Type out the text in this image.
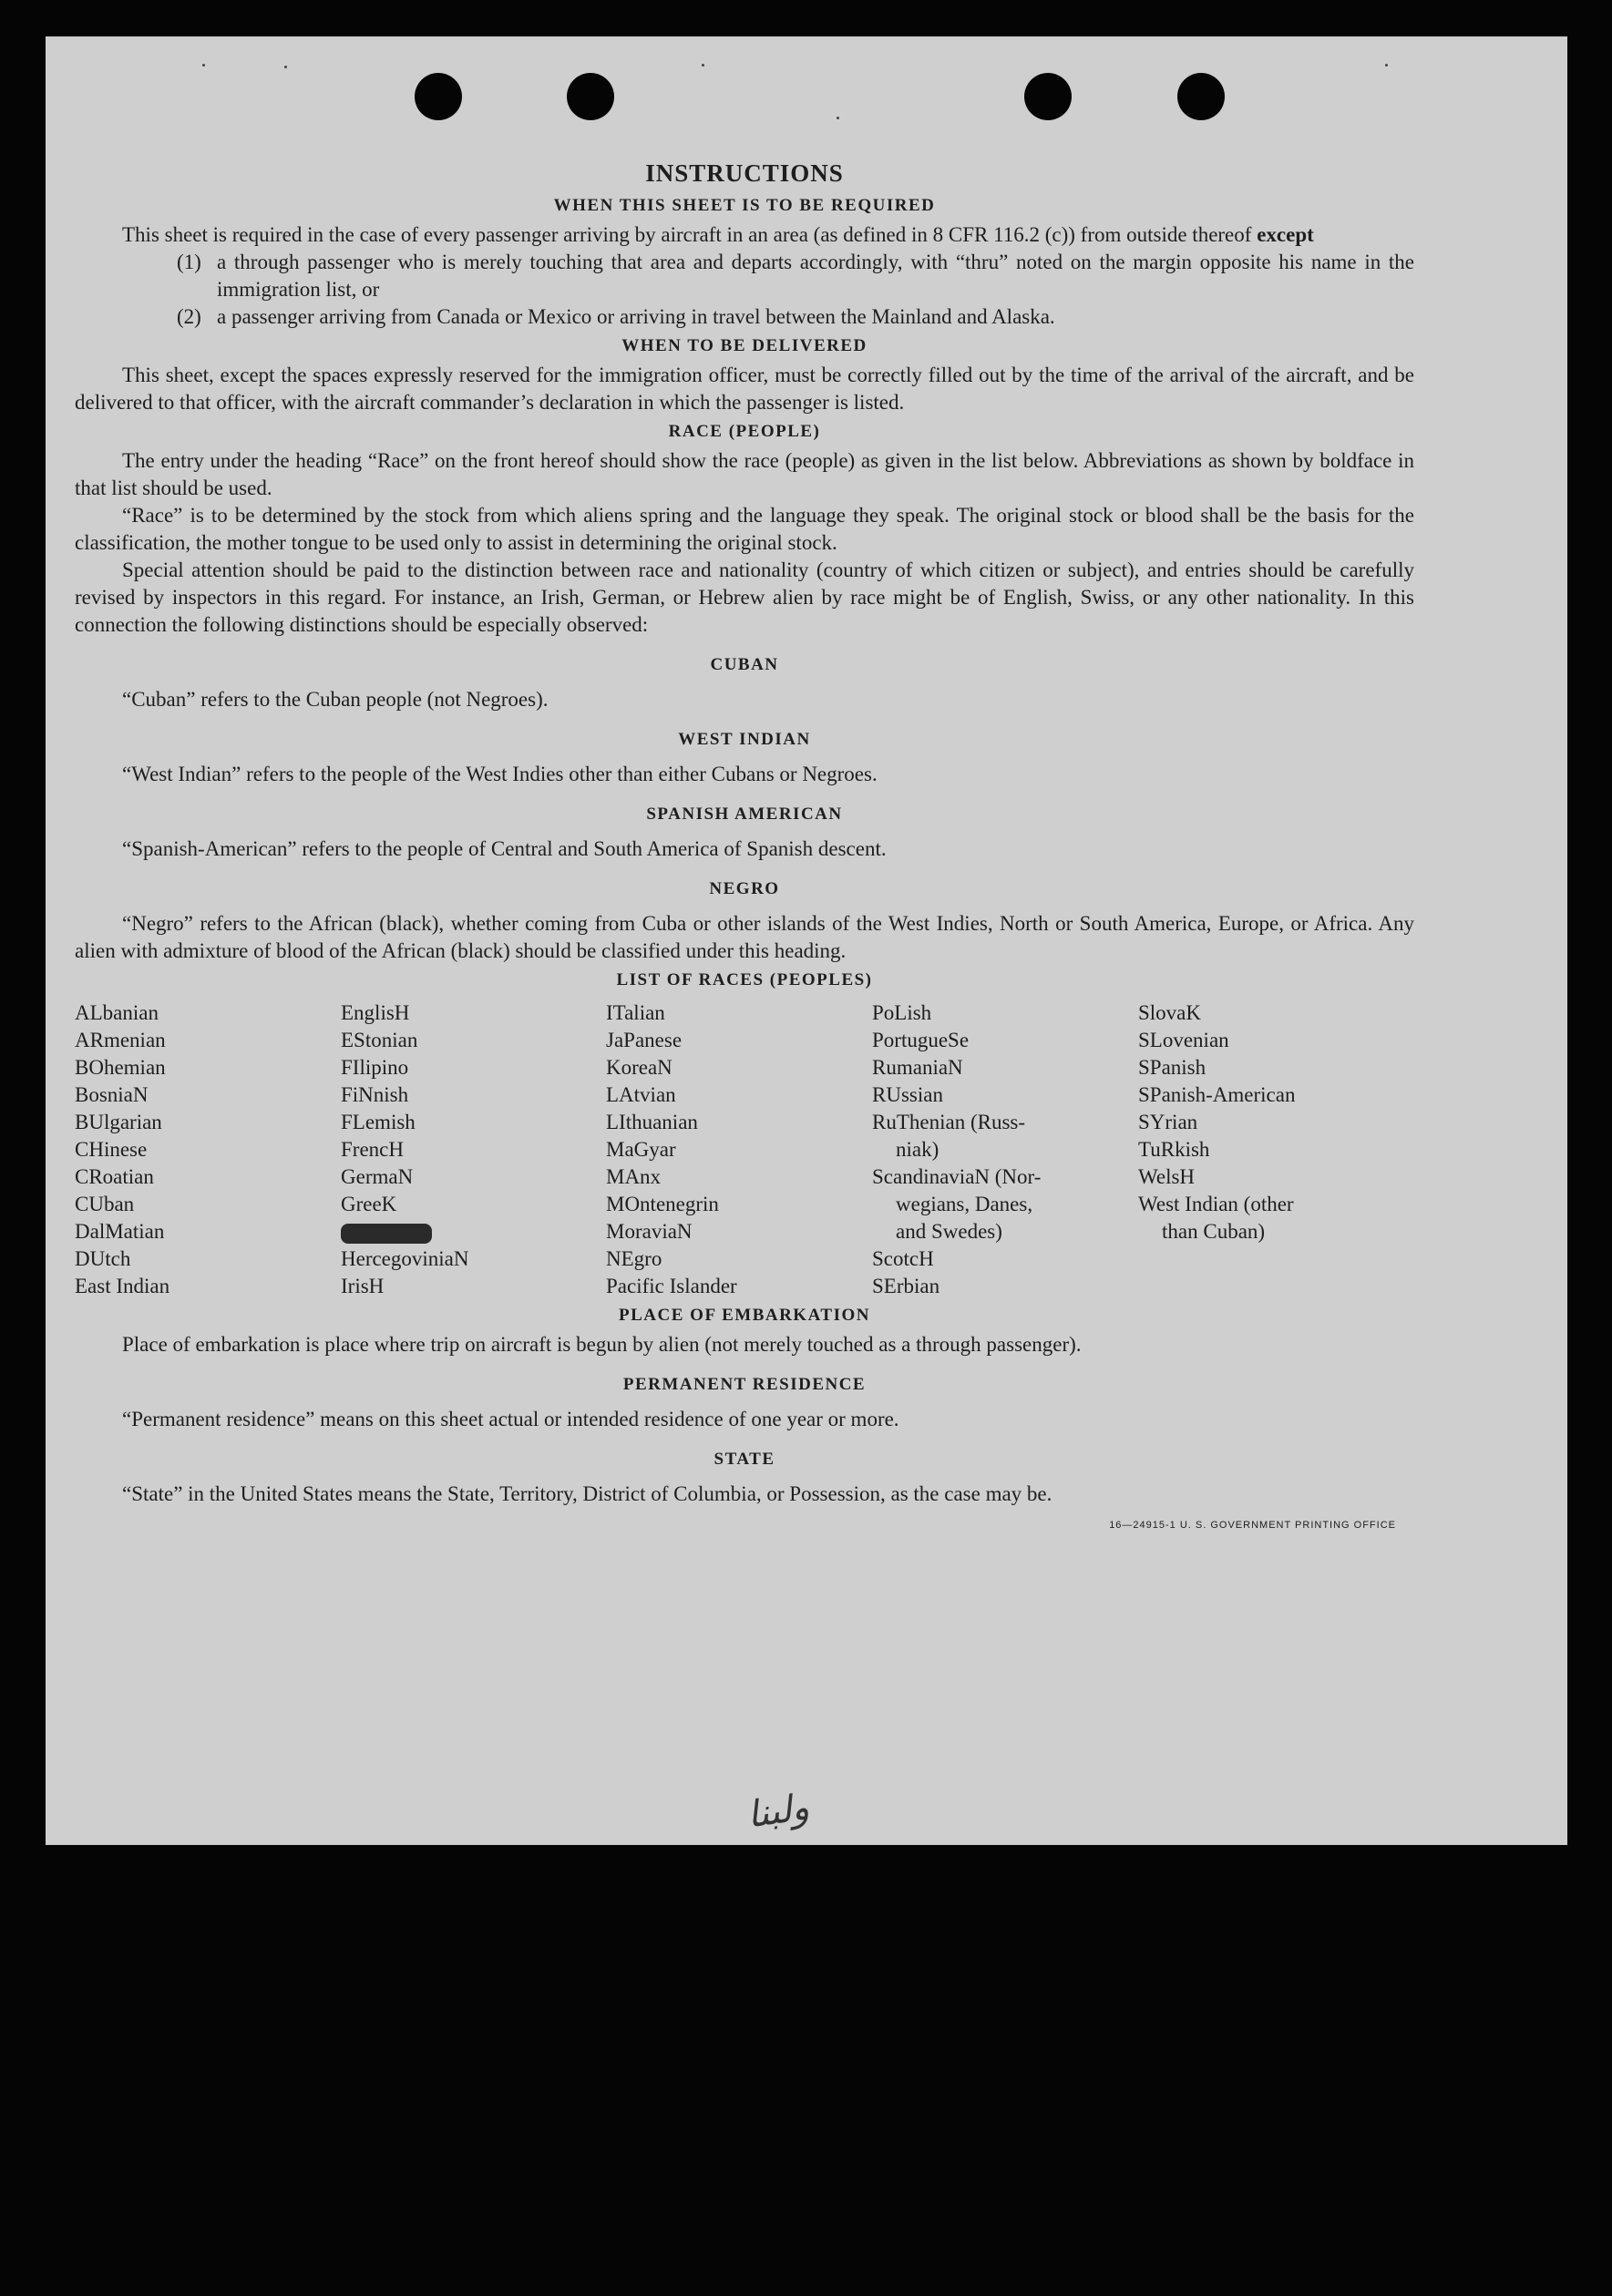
INSTRUCTIONS
WHEN THIS SHEET IS TO BE REQUIRED

This sheet is required in the case of every passenger arriving by aircraft in an area (as defined in 8 CFR 116.2 (c)) from outside thereof except

(1) a through passenger who is merely touching that area and departs accordingly, with “thru” noted on the margin opposite his name in the immigration list, or
(2) a passenger arriving from Canada or Mexico or arriving in travel between the Mainland and Alaska.
WHEN TO BE DELIVERED

This sheet, except the spaces expressly reserved for the immigration officer, must be correctly filled out by the time of the arrival of the aircraft, and be delivered to that officer, with the aircraft commander’s declaration in which the passenger is listed.

RACE (PEOPLE)

The entry under the heading “Race” on the front hereof should show the race (people) as given in the list below. Abbreviations as shown by boldface in that list should be used.

“Race” is to be determined by the stock from which aliens spring and the language they speak. The original stock or blood shall be the basis for the classification, the mother tongue to be used only to assist in determining the original stock.

Special attention should be paid to the distinction between race and nationality (country of which citizen or subject), and entries should be carefully revised by inspectors in this regard. For instance, an Irish, German, or Hebrew alien by race might be of English, Swiss, or any other nationality. In this connection the following distinctions should be especially observed:

CUBAN

“Cuban” refers to the Cuban people (not Negroes).

WEST INDIAN

“West Indian” refers to the people of the West Indies other than either Cubans or Negroes.

SPANISH AMERICAN

“Spanish-American” refers to the people of Central and South America of Spanish descent.

NEGRO

“Negro” refers to the African (black), whether coming from Cuba or other islands of the West Indies, North or South America, Europe, or Africa. Any alien with admixture of blood of the African (black) should be classified under this heading.

LIST OF RACES (PEOPLES)
ALbanian
ARmenian
BOhemian
BosniaN
BUlgarian
CHinese
CRoatian
CUban
DalMatian
DUtch
East Indian
EnglisH
EStonian
FIlipino
FiNnish
FLemish
FrencH
GermaN
GreeK
HercegoviniaN
IrisH
ITalian
JaPanese
KoreaN
LAtvian
LIthuanian
MaGyar
MAnx
MOntenegrin
MoraviaN
NEgro
Pacific Islander
PoLish
PortugueSe
RumaniaN
RUssian
RuThenian (Russ-
niak)
ScandinaviaN (Nor-
wegians, Danes,
and Swedes)
ScotcH
SErbian
SlovaK
SLovenian
SPanish
SPanish-American
SYrian
TuRkish
WelsH
West Indian (other
than Cuban)
PLACE OF EMBARKATION

Place of embarkation is place where trip on aircraft is begun by alien (not merely touched as a through passenger).

PERMANENT RESIDENCE

“Permanent residence” means on this sheet actual or intended residence of one year or more.

STATE

“State” in the United States means the State, Territory, District of Columbia, or Possession, as the case may be.

16—24915-1 U. S. GOVERNMENT PRINTING OFFICE
ولبنا
